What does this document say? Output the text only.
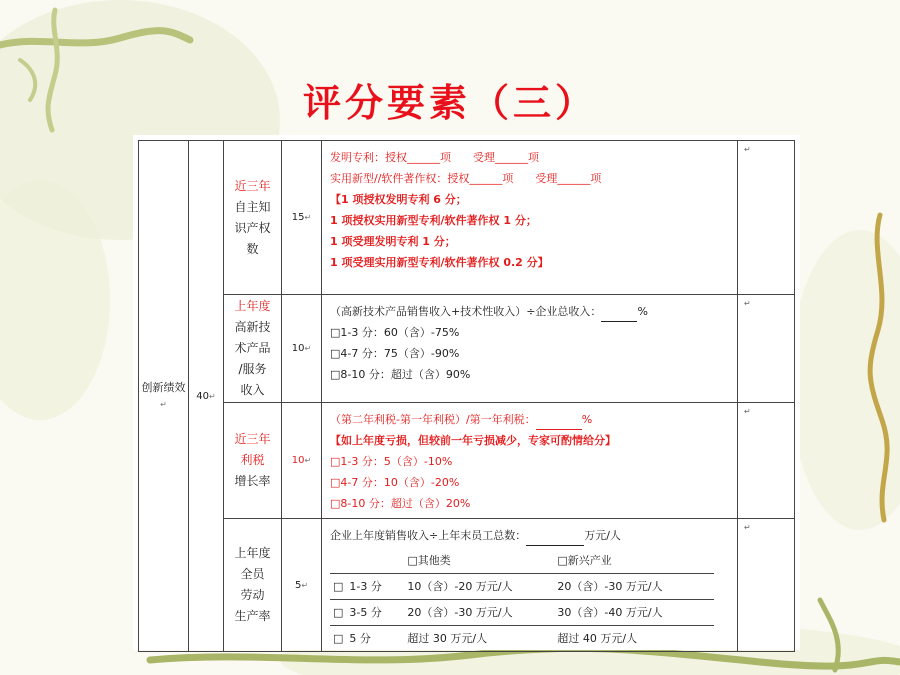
评分要素（三）
创新绩效↵	40↵	
近三年
自主知
识产权
数
	15↵	
发明专利：授权______项　　受理______项
实用新型//软件著作权：授权______项　　受理______项
【1 项授权发明专利 6 分；
1 项授权实用新型专利/软件著作权 1 分；
1 项受理发明专利 1 分；
1 项受理实用新型专利/软件著作权 0.2 分】
	↵

上年度
高新技
术产品
/服务
收入
	10↵	
（高新技术产品销售收入+技术性收入）÷企业总收入：	%
□1-3 分：60（含）-75%
□4-7 分：75（含）-90%
□8-10 分：超过（含）90%
	↵

近三年
利税
增长率
	10↵	
（第二年利税-第一年利税）/第一年利税：	%
【如上年度亏损，但较前一年亏损减少，专家可酌情给分】
□1-3 分：5（含）-10%
□4-7 分：10（含）-20%
□8-10 分：超过（含）20%
	↵

上年度
全员
劳动
生产率
	5↵	
企业上年度销售收入÷上年末员工总数：	万元/人
		□其他类	□新兴产业
□	1-3 分	10（含）-20 万元/人	20（含）-30 万元/人
□	3-5 分	20（含）-30 万元/人	30（含）-40 万元/人
□	5 分	超过 30 万元/人	超过 40 万元/人
	↵
